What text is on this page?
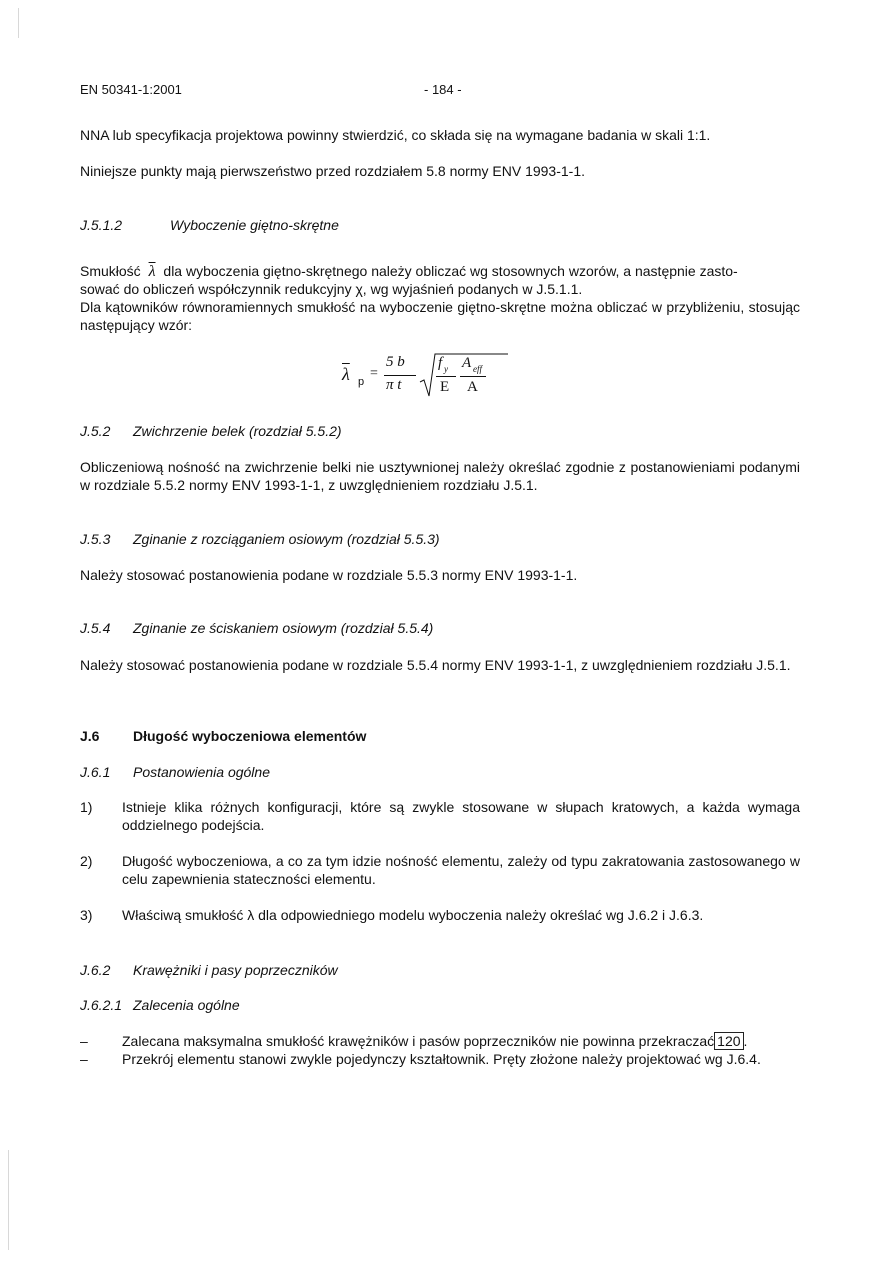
EN 50341-1:2001	- 184 -
NNA lub specyfikacja projektowa powinny stwierdzić, co składa się na wymagane badania w skali 1:1.
Niniejsze punkty mają pierwszeństwo przed rozdziałem 5.8 normy ENV 1993-1-1.
J.5.1.2	Wyboczenie giętno-skrętne
Smukłość $\overline{\lambda}$ dla wyboczenia giętno-skrętnego należy obliczać wg stosownych wzorów, a następnie zasto-
sować do obliczeń współczynnik redukcyjny χ, wg wyjaśnień podanych w J.5.1.1.
Dla kątowników równoramiennych smukłość na wyboczenie giętno-skrętne można obliczać w przybliżeniu, stosując następujący wzór:
$\overline{\lambda}$ p
=
5 b
π t
f y A eff
E A
J.5.2 Zwichrzenie belek (rozdział 5.5.2)
Obliczeniową nośność na zwichrzenie belki nie usztywnionej należy określać zgodnie z postanowieniami podanymi w rozdziale 5.5.2 normy ENV 1993-1-1, z uwzględnieniem rozdziału J.5.1.
J.5.3 Zginanie z rozciąganiem osiowym (rozdział 5.5.3)
Należy stosować postanowienia podane w rozdziale 5.5.3 normy ENV 1993-1-1.
J.5.4 Zginanie ze ściskaniem osiowym (rozdział 5.5.4)
Należy stosować postanowienia podane w rozdziale 5.5.4 normy ENV 1993-1-1, z uwzględnieniem rozdziału J.5.1.
J.6 Długość wyboczeniowa elementów
J.6.1 Postanowienia ogólne
1) Istnieje klika różnych konfiguracji, które są zwykle stosowane w słupach kratowych, a każda wymaga oddzielnego podejścia.
2) Długość wyboczeniowa, a co za tym idzie nośność elementu, zależy od typu zakratowania zastosowanego w celu zapewnienia stateczności elementu.
3) Właściwą smukłość λ dla odpowiedniego modelu wyboczenia należy określać wg J.6.2 i J.6.3.
J.6.2 Krawężniki i pasy poprzeczników
J.6.2.1 Zalecenia ogólne
– Zalecana maksymalna smukłość krawężników i pasów poprzeczników nie powinna przekraczać 120 .
– Przekrój elementu stanowi zwykle pojedynczy kształtownik. Pręty złożone należy projektować wg J.6.4.
